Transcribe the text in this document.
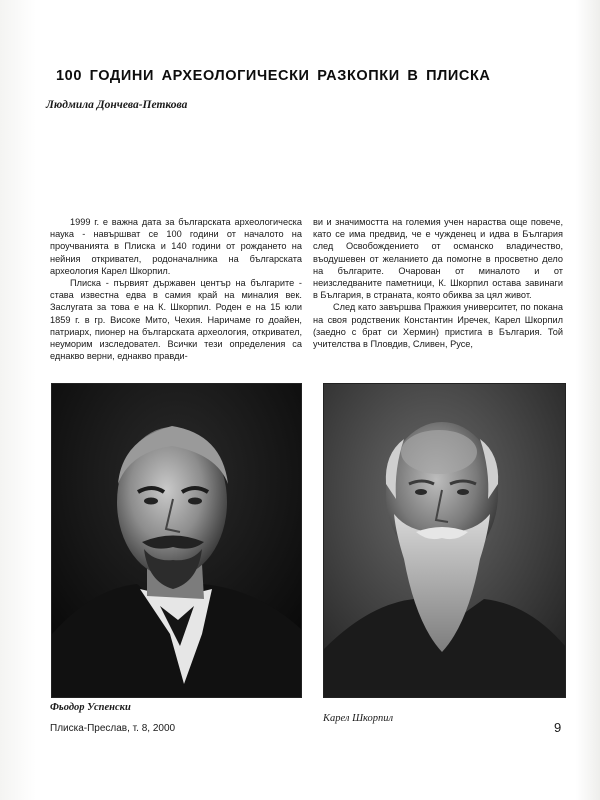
100 ГОДИНИ АРХЕОЛОГИЧЕСКИ РАЗКОПКИ В ПЛИСКА
Людмила Дончева-Петкова

1999 г. е важна дата за българската археологическа наука - навършват се 100 години от началото на проучванията в Плиска и 140 години от рождането на нейния откривател, родоначалника на българската археология Карел Шкорпил.

Плиска - първият държавен център на българите - става известна едва в самия край на миналия век. Заслугата за това е на К. Шкорпил. Роден е на 15 юли 1859 г. в гр. Високе Мито, Чехия. Наричаме го доайен, патриарх, пионер на българската археология, откривател, неуморим изследовател. Всички тези определения са еднакво верни, еднакво правди-

ви и значимостта на големия учен нараства още повече, като се има предвид, че е чужденец и идва в България след Освобождението от османско владичество, въодушевен от желанието да помогне в просветно дело на българите. Очарован от миналото и от неизследваните паметници, К. Шкорпил остава завинаги в България, в страната, която обиква за цял живот.

След като завършва Пражкия университет, по покана на своя родственик Константин Иречек, Карел Шкорпил (заедно с брат си Хермин) пристига в България. Той учителства в Пловдив, Сливен, Русе,

Фьодор Успенски
Карел Шкорпил
Плиска-Преслав, т. 8, 2000	9
